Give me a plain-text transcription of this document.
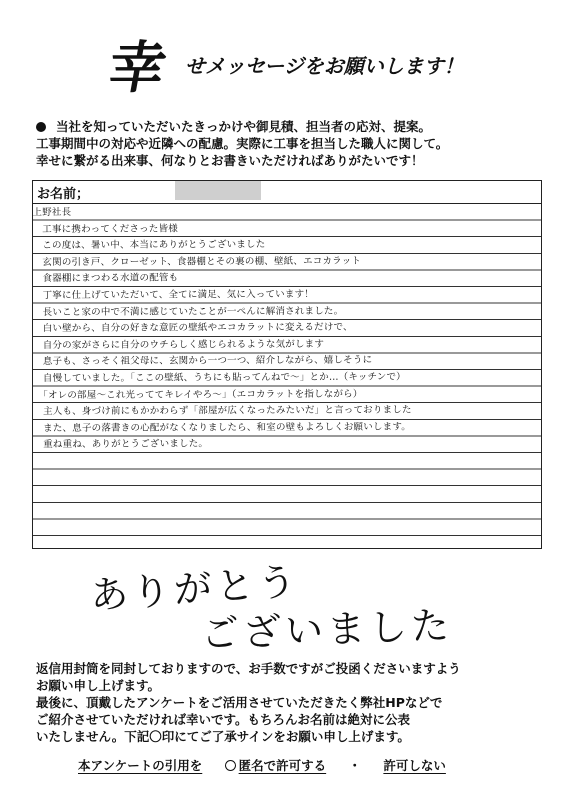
幸 せメッセージをお願いします！
当社を知っていただいたきっかけや御見積、担当者の応対、提案。
工事期間中の対応や近隣への配慮。実際に工事を担当した職人に関して。
幸せに繋がる出来事、何なりとお書きいただければありがたいです！
お名前；
上野社長
　工事に携わってくださった皆様
　この度は、暑い中、本当にありがとうございました
　玄関の引き戸、クローゼット、食器棚とその裏の棚、壁紙、エコカラット
　食器棚にまつわる水道の配管も
　丁寧に仕上げていただいて、全てに満足、気に入っています！
　長いこと家の中で不満に感じていたことが一ぺんに解消されました。
　白い壁から、自分の好きな意匠の壁紙やエコカラットに変えるだけで、
　自分の家がさらに自分のウチらしく感じられるような気がします
　息子も、さっそく祖父母に、玄関から一つ一つ、紹介しながら、嬉しそうに
　自慢していました。「ここの壁紙、うちにも貼ってんねで～」とか…（キッチンで）
　「オレの部屋～これ光っててキレイやろ～」（エコカラットを指しながら）
　主人も、身づけ前にもかかわらず「部屋が広くなったみたいだ」と言っておりました
　また、息子の落書きの心配がなくなりましたら、和室の壁もよろしくお願いします。
　重ね重ね、ありがとうございました。
ありがとう
ございました
返信用封筒を同封しておりますので、お手数ですがご投函くださいますよう
お願い申し上げます。
最後に、頂戴したアンケートをご活用させていただきたく弊社HPなどで
ご紹介させていただければ幸いです。もちろんお名前は絶対に公表
いたしません。下記〇印にてご了承サインをお願い申し上げます。
本アンケートの引用を	匿名で許可する ・ 許可しない
